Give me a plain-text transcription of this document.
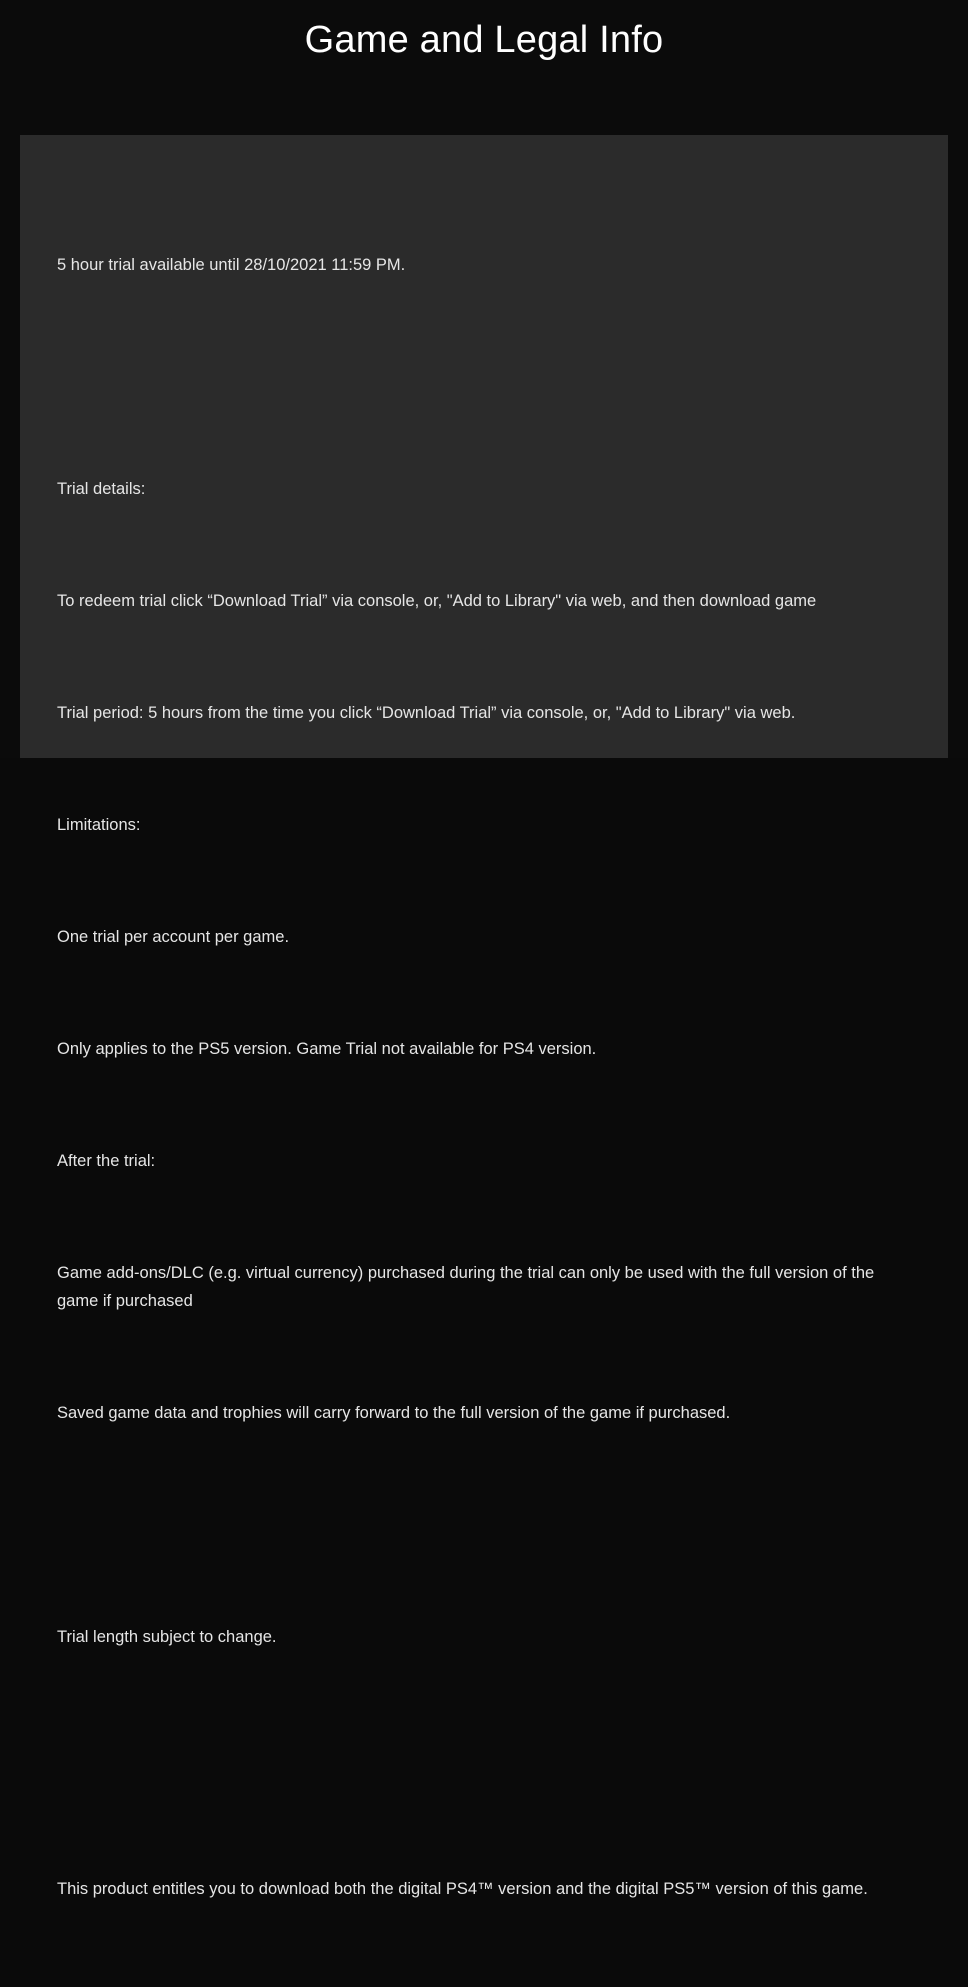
Game and Legal Info

5 hour trial available until 28/10/2021 11:59 PM.

Trial details:

To redeem trial click “Download Trial” via console, or, "Add to Library" via web, and then download game

Trial period: 5 hours from the time you click “Download Trial” via console, or, "Add to Library" via web.

Limitations:

One trial per account per game.

Only applies to the PS5 version. Game Trial not available for PS4 version.

After the trial:

Game add-ons/DLC (e.g. virtual currency) purchased during the trial can only be used with the full version of the game if purchased

Saved game data and trophies will carry forward to the full version of the game if purchased.

Trial length subject to change.

This product entitles you to download both the digital PS4™ version and the digital PS5™ version of this game.
